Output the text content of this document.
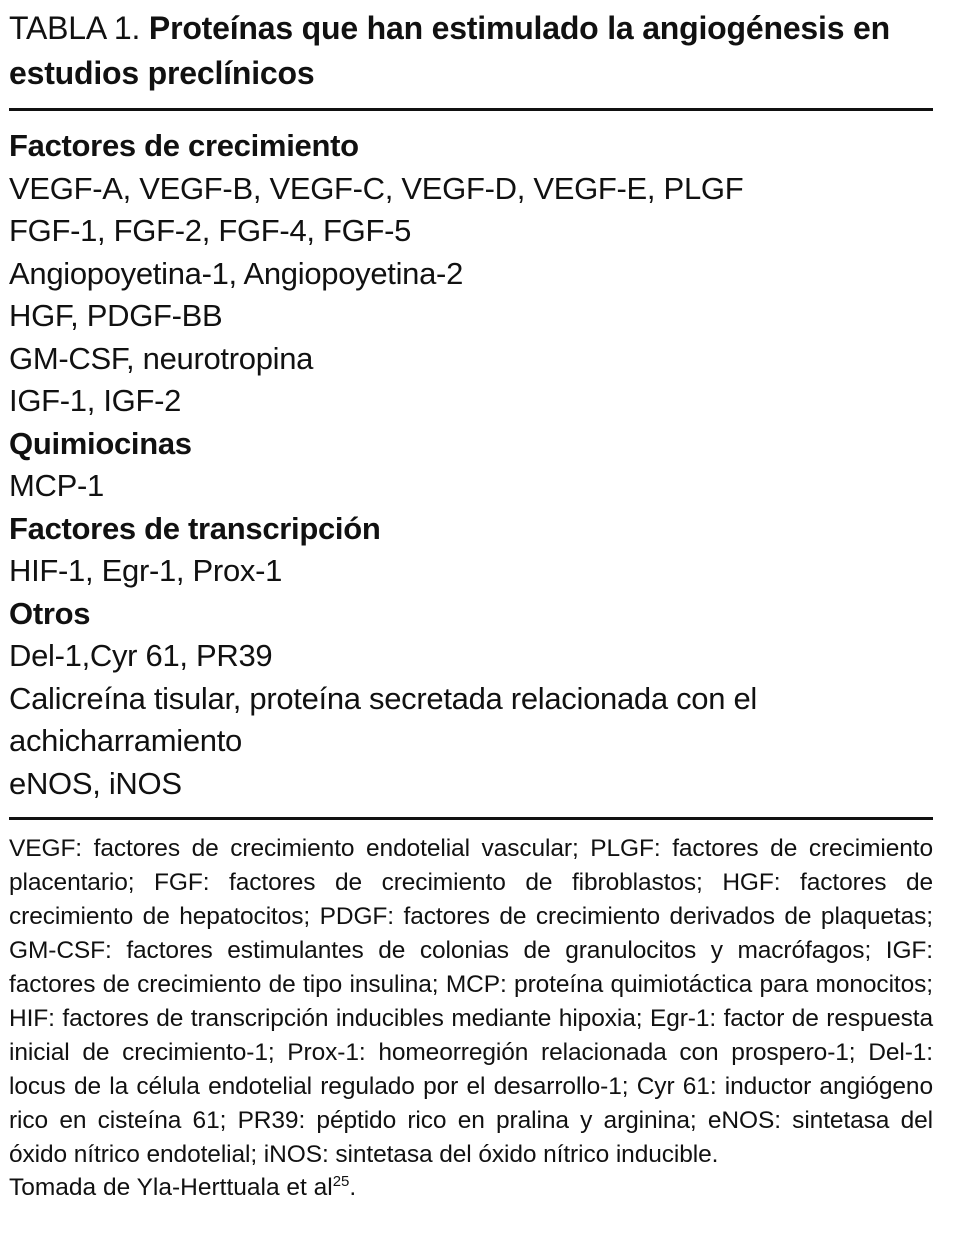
TABLA 1. Proteínas que han estimulado la angiogénesis en estudios preclínicos
Factores de crecimiento
VEGF-A, VEGF-B, VEGF-C, VEGF-D, VEGF-E, PLGF
FGF-1, FGF-2, FGF-4, FGF-5
Angiopoyetina-1, Angiopoyetina-2
HGF, PDGF-BB
GM-CSF, neurotropina
IGF-1, IGF-2
Quimiocinas
MCP-1
Factores de transcripción
HIF-1, Egr-1, Prox-1
Otros
Del-1,Cyr 61, PR39
Calicreína tisular, proteína secretada relacionada con el achicharramiento
eNOS, iNOS

VEGF: factores de crecimiento endotelial vascular; PLGF: factores de crecimiento placentario; FGF: factores de crecimiento de fibroblastos; HGF: factores de crecimiento de hepatocitos; PDGF: factores de crecimiento derivados de plaquetas; GM-CSF: factores estimulantes de colonias de granulocitos y macrófagos; IGF: factores de crecimiento de tipo insulina; MCP: proteína quimiotáctica para monocitos; HIF: factores de transcripción inducibles mediante hipoxia; Egr-1: factor de respuesta inicial de crecimiento-1; Prox-1: homeorregión relacionada con prospero-1; Del-1: locus de la célula endotelial regulado por el desarrollo-1; Cyr 61: inductor angiógeno rico en cisteína 61; PR39: péptido rico en pralina y arginina; eNOS: sintetasa del óxido nítrico endotelial; iNOS: sintetasa del óxido nítrico inducible.

Tomada de Yla-Herttuala et $al^{25}$.
